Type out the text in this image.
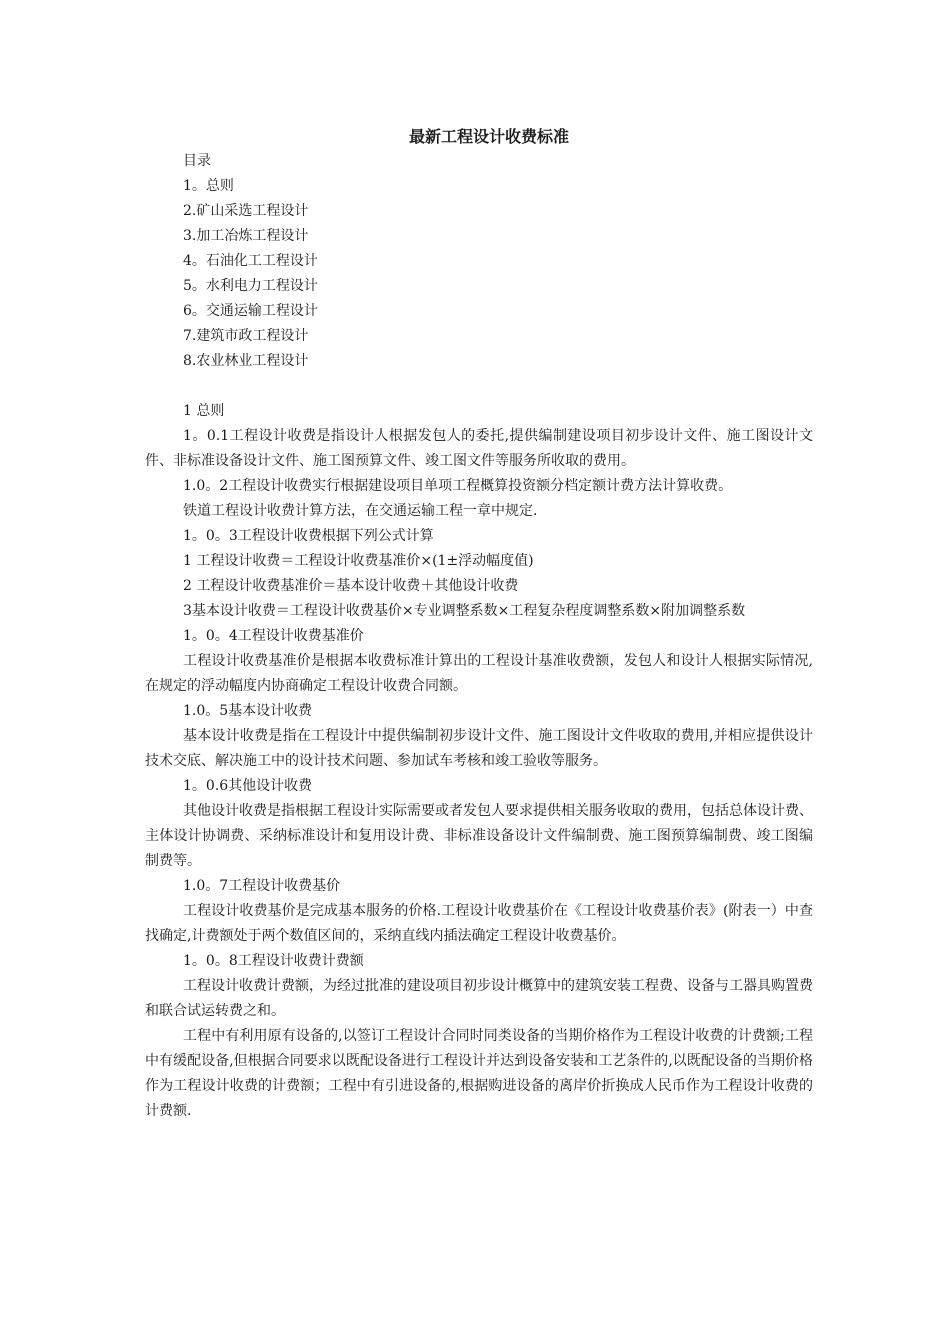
最新工程设计收费标准
目录
1。总则
2.矿山采选工程设计
3.加工冶炼工程设计
4。石油化工工程设计
5。水利电力工程设计
6。交通运输工程设计
7.建筑市政工程设计
8.农业林业工程设计
1 总则

1。0.1工程设计收费是指设计人根据发包人的委托,提供编制建设项目初步设计文件、施工图设计文件、非标准设备设计文件、施工图预算文件、竣工图文件等服务所收取的费用。

1.0。2工程设计收费实行根据建设项目单项工程概算投资额分档定额计费方法计算收费。

铁道工程设计收费计算方法，在交通运输工程一章中规定.

1。0。3工程设计收费根据下列公式计算

1 工程设计收费＝工程设计收费基准价×(1±浮动幅度值)

2 工程设计收费基准价＝基本设计收费＋其他设计收费

3基本设计收费＝工程设计收费基价×专业调整系数×工程复杂程度调整系数×附加调整系数

1。0。4工程设计收费基准价

工程设计收费基准价是根据本收费标准计算出的工程设计基准收费额，发包人和设计人根据实际情况,在规定的浮动幅度内协商确定工程设计收费合同额。

1.0。5基本设计收费

基本设计收费是指在工程设计中提供编制初步设计文件、施工图设计文件收取的费用,并相应提供设计技术交底、解决施工中的设计技术问题、参加试车考核和竣工验收等服务。

1。0.6其他设计收费

其他设计收费是指根据工程设计实际需要或者发包人要求提供相关服务收取的费用，包括总体设计费、主体设计协调费、采纳标准设计和复用设计费、非标准设备设计文件编制费、施工图预算编制费、竣工图编制费等。

1.0。7工程设计收费基价

工程设计收费基价是完成基本服务的价格.工程设计收费基价在《工程设计收费基价表》(附表一）中查找确定,计费额处于两个数值区间的，采纳直线内插法确定工程设计收费基价。

1。0。8工程设计收费计费额

工程设计收费计费额，为经过批准的建设项目初步设计概算中的建筑安装工程费、设备与工器具购置费和联合试运转费之和。

工程中有利用原有设备的,以签订工程设计合同时同类设备的当期价格作为工程设计收费的计费额;工程中有缓配设备,但根据合同要求以既配设备进行工程设计并达到设备安装和工艺条件的,以既配设备的当期价格作为工程设计收费的计费额；工程中有引进设备的,根据购进设备的离岸价折换成人民币作为工程设计收费的计费额.
